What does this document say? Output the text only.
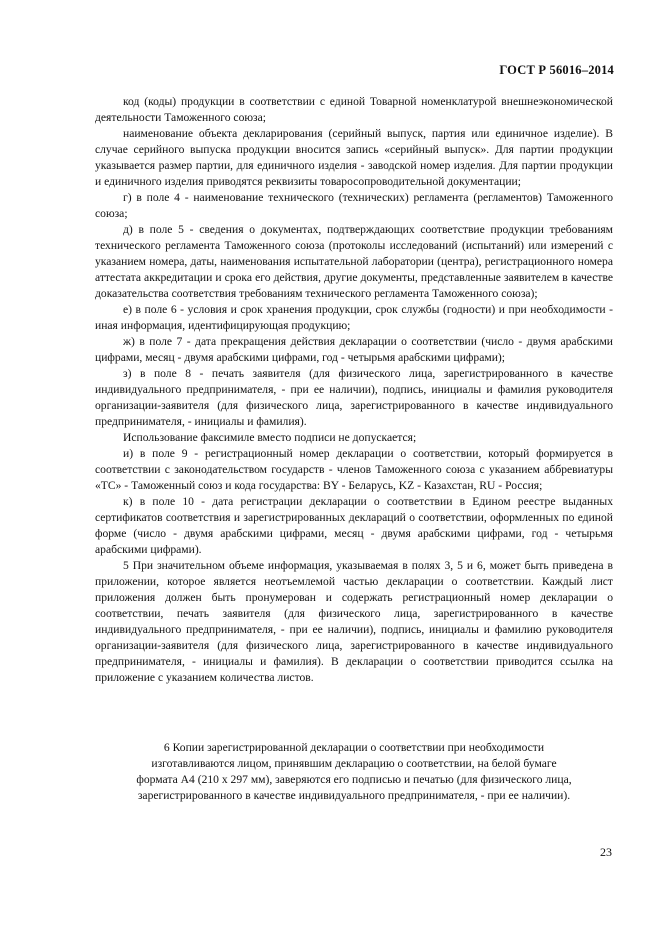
ГОСТ Р 56016–2014

код (коды) продукции в соответствии с единой Товарной номенклатурой внешнеэкономической деятельности Таможенного союза;

наименование объекта декларирования (серийный выпуск, партия или единичное изделие). В случае серийного выпуска продукции вносится запись «серийный выпуск». Для партии продукции указывается размер партии, для единичного изделия - заводской номер изделия. Для партии продукции и единичного изделия приводятся реквизиты товаросопроводительной документации;

г) в поле 4 - наименование технического (технических) регламента (регламентов) Таможенного союза;

д) в поле 5 - сведения о документах, подтверждающих соответствие продукции требованиям технического регламента Таможенного союза (протоколы исследований (испытаний) или измерений с указанием номера, даты, наименования испытательной лаборатории (центра), регистрационного номера аттестата аккредитации и срока его действия, другие документы, представленные заявителем в качестве доказательства соответствия требованиям технического регламента Таможенного союза);

е) в поле 6 - условия и срок хранения продукции, срок службы (годности) и при необходимости - иная информация, идентифицирующая продукцию;

ж) в поле 7 - дата прекращения действия декларации о соответствии (число - двумя арабскими цифрами, месяц - двумя арабскими цифрами, год - четырьмя арабскими цифрами);

з) в поле 8 - печать заявителя (для физического лица, зарегистрированного в качестве индивидуального предпринимателя, - при ее наличии), подпись, инициалы и фамилия руководителя организации-заявителя (для физического лица, зарегистрированного в качестве индивидуального предпринимателя, - инициалы и фамилия).

Использование факсимиле вместо подписи не допускается;

и) в поле 9 - регистрационный номер декларации о соответствии, который формируется в соответствии с законодательством государств - членов Таможенного союза с указанием аббревиатуры «ТС» - Таможенный союз и кода государства: BY - Беларусь, KZ - Казахстан, RU - Россия;

к) в поле 10 - дата регистрации декларации о соответствии в Едином реестре выданных сертификатов соответствия и зарегистрированных деклараций о соответствии, оформленных по единой форме (число - двумя арабскими цифрами, месяц - двумя арабскими цифрами, год - четырьмя арабскими цифрами).

5 При значительном объеме информация, указываемая в полях 3, 5 и 6, может быть приведена в приложении, которое является неотъемлемой частью декларации о соответствии. Каждый лист приложения должен быть пронумерован и содержать регистрационный номер декларации о соответствии, печать заявителя (для физического лица, зарегистрированного в качестве индивидуального предпринимателя, - при ее наличии), подпись, инициалы и фамилию руководителя организации-заявителя (для физического лица, зарегистрированного в качестве индивидуального предпринимателя, - инициалы и фамилия). В декларации о соответствии приводится ссылка на приложение с указанием количества листов.

6 Копии зарегистрированной декларации о соответствии при необходимости

изготавливаются лицом, принявшим декларацию о соответствии, на белой бумаге

формата А4 (210 х 297 мм), заверяются его подписью и печатью (для физического лица,

зарегистрированного в качестве индивидуального предпринимателя, - при ее наличии).

23
